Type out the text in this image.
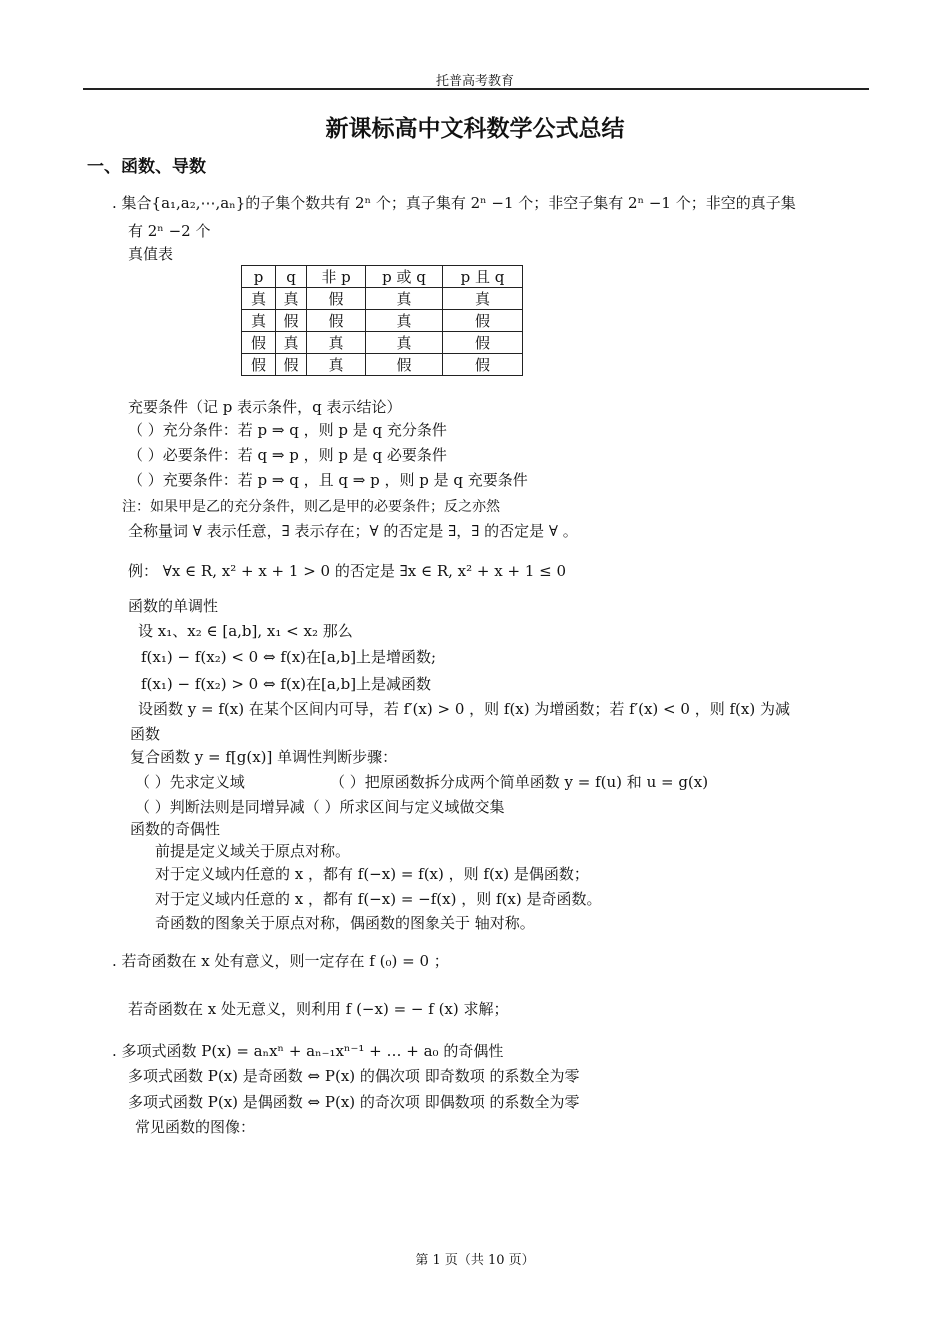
托普高考教育
新课标高中文科数学公式总结
一、函数、导数
. 集合{a₁,a₂,⋯,aₙ}的子集个数共有 2ⁿ 个；真子集有 2ⁿ −1 个；非空子集有 2ⁿ −1 个；非空的真子集
有 2ⁿ −2 个
真值表
p	q	非 p	p 或 q	p 且 q
真	真	假	真	真
真	假	假	真	假
假	真	真	真	假
假	假	真	假	假
充要条件（记 p 表示条件，q 表示结论）
（ ）充分条件：若 p ⇒ q ，则 p 是 q 充分条件
（ ）必要条件：若 q ⇒ p ，则 p 是 q 必要条件
（ ）充要条件：若 p ⇒ q ，且 q ⇒ p ，则 p 是 q 充要条件
注：如果甲是乙的充分条件，则乙是甲的必要条件；反之亦然
全称量词 ∀ 表示任意，∃ 表示存在；∀ 的否定是 ∃，∃ 的否定是 ∀ 。
例： ∀x ∈ R, x² + x + 1 > 0 的否定是 ∃x ∈ R, x² + x + 1 ≤ 0
函数的单调性
设 x₁、x₂ ∈ [a,b], x₁ < x₂ 那么
f(x₁) − f(x₂) < 0 ⇔ f(x)在[a,b]上是增函数;
f(x₁) − f(x₂) > 0 ⇔ f(x)在[a,b]上是减函数
设函数 y = f(x) 在某个区间内可导，若 f′(x) > 0 ，则 f(x) 为增函数；若 f′(x) < 0 ，则 f(x) 为减
函数
复合函数 y = f[g(x)] 单调性判断步骤：
（ ）先求定义域	（ ）把原函数拆分成两个简单函数 y = f(u) 和 u = g(x)
（ ）判断法则是同增异减（ ）所求区间与定义域做交集
函数的奇偶性
前提是定义域关于原点对称。
对于定义域内任意的 x ，都有 f(−x) = f(x) ，则 f(x) 是偶函数；
对于定义域内任意的 x ，都有 f(−x) = −f(x) ，则 f(x) 是奇函数。
奇函数的图象关于原点对称，偶函数的图象关于 轴对称。
. 若奇函数在 x 处有意义，则一定存在 f (₀) = 0 ；
若奇函数在 x 处无意义，则利用 f (−x) = − f (x) 求解；
. 多项式函数 P(x) = aₙxⁿ + aₙ₋₁xⁿ⁻¹ + … + a₀ 的奇偶性
多项式函数 P(x) 是奇函数 ⇔ P(x) 的偶次项 即奇数项 的系数全为零
多项式函数 P(x) 是偶函数 ⇔ P(x) 的奇次项 即偶数项 的系数全为零
常见函数的图像：
第 1 页（共 10 页）
